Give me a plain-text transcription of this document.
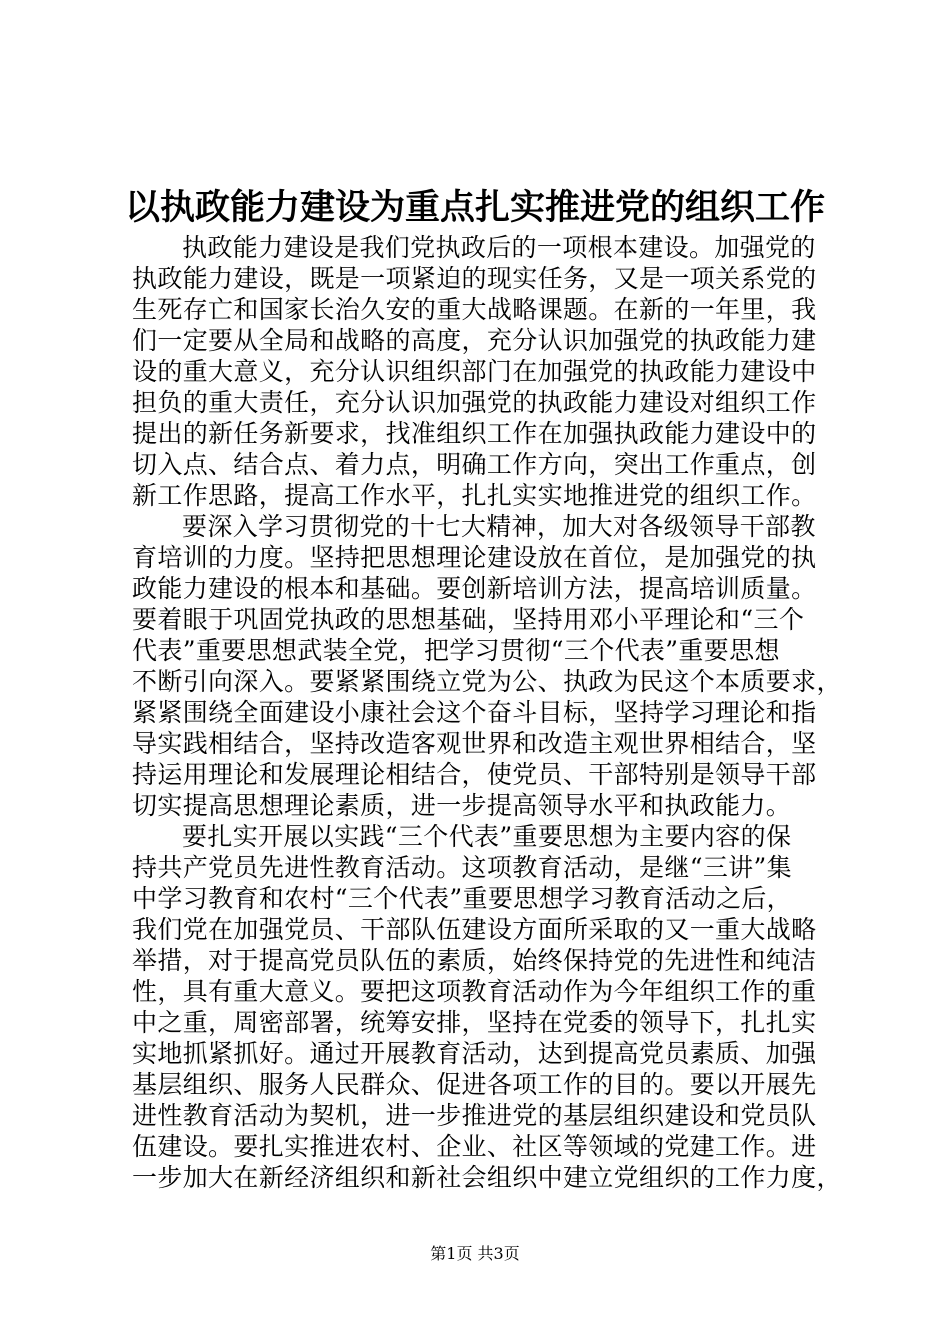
以执政能力建设为重点扎实推进党的组织工作
执政能力建设是我们党执政后的一项根本建设。加强党的
执政能力建设，既是一项紧迫的现实任务，又是一项关系党的
生死存亡和国家长治久安的重大战略课题。在新的一年里，我
们一定要从全局和战略的高度，充分认识加强党的执政能力建
设的重大意义，充分认识组织部门在加强党的执政能力建设中
担负的重大责任，充分认识加强党的执政能力建设对组织工作
提出的新任务新要求，找准组织工作在加强执政能力建设中的
切入点、结合点、着力点，明确工作方向，突出工作重点，创
新工作思路，提高工作水平，扎扎实实地推进党的组织工作。
要深入学习贯彻党的十七大精神，加大对各级领导干部教
育培训的力度。坚持把思想理论建设放在首位，是加强党的执
政能力建设的根本和基础。要创新培训方法，提高培训质量。
要着眼于巩固党执政的思想基础，坚持用邓小平理论和“三个
代表”重要思想武装全党，把学习贯彻“三个代表”重要思想
不断引向深入。要紧紧围绕立党为公、执政为民这个本质要求，
紧紧围绕全面建设小康社会这个奋斗目标，坚持学习理论和指
导实践相结合，坚持改造客观世界和改造主观世界相结合，坚
持运用理论和发展理论相结合，使党员、干部特别是领导干部
切实提高思想理论素质，进一步提高领导水平和执政能力。
要扎实开展以实践“三个代表”重要思想为主要内容的保
持共产党员先进性教育活动。这项教育活动，是继“三讲”集
中学习教育和农村“三个代表”重要思想学习教育活动之后，
我们党在加强党员、干部队伍建设方面所采取的又一重大战略
举措，对于提高党员队伍的素质，始终保持党的先进性和纯洁
性，具有重大意义。要把这项教育活动作为今年组织工作的重
中之重，周密部署，统筹安排，坚持在党委的领导下，扎扎实
实地抓紧抓好。通过开展教育活动，达到提高党员素质、加强
基层组织、服务人民群众、促进各项工作的目的。要以开展先
进性教育活动为契机，进一步推进党的基层组织建设和党员队
伍建设。要扎实推进农村、企业、社区等领域的党建工作。进
一步加大在新经济组织和新社会组织中建立党组织的工作力度，
第1页 共3页
